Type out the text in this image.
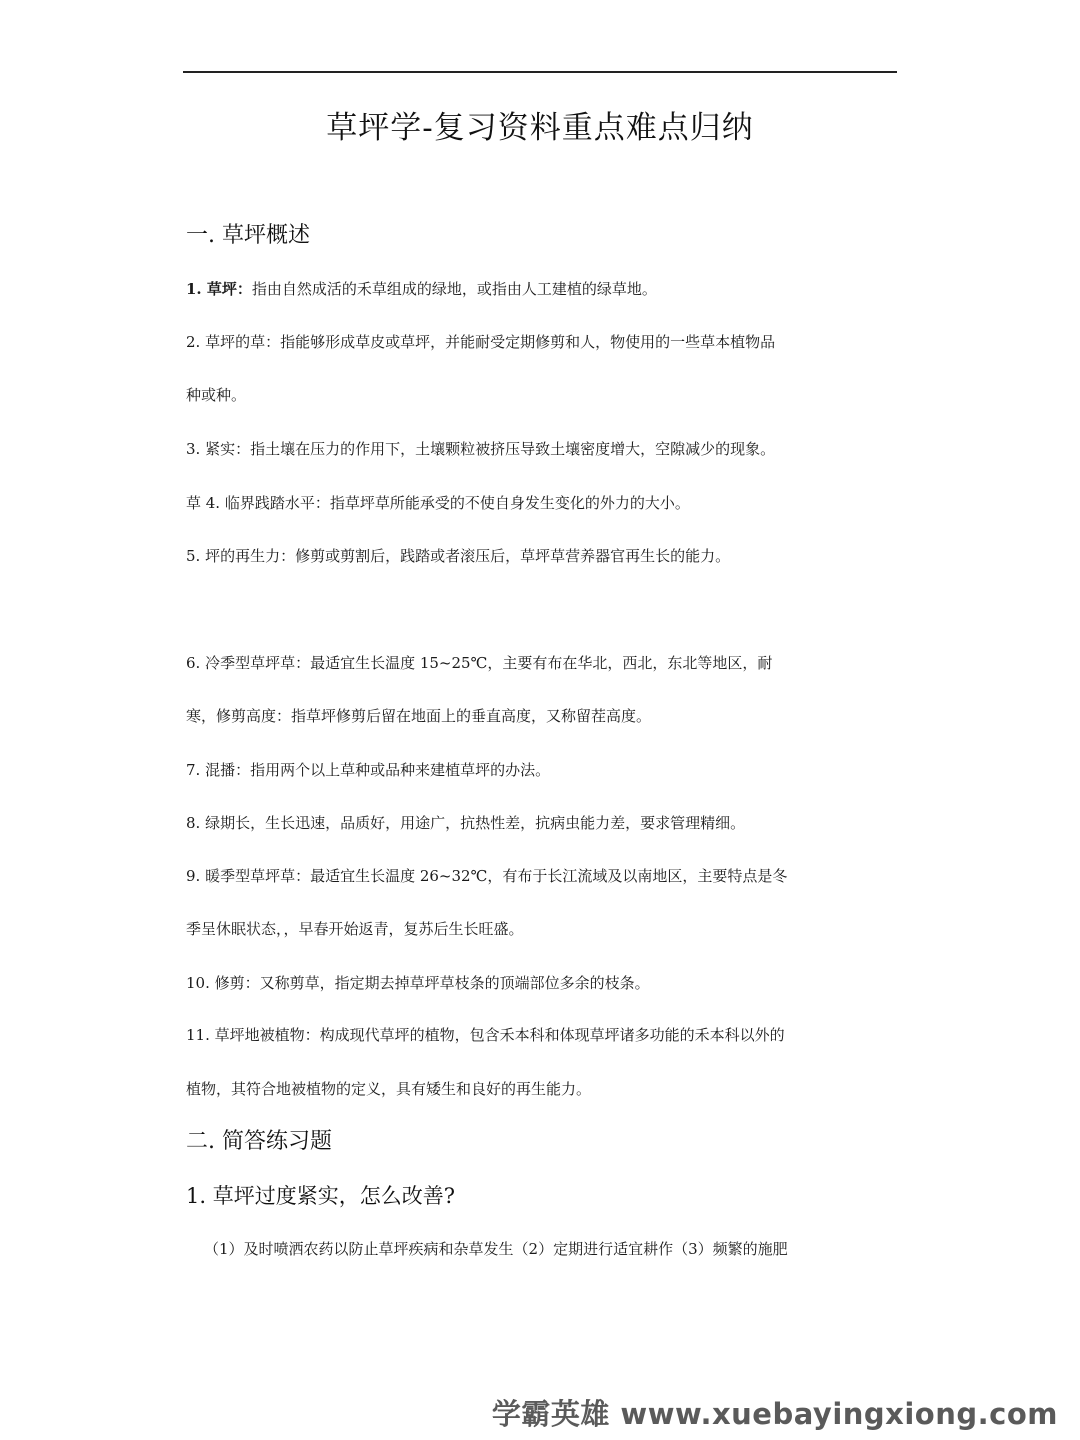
草坪学-复习资料重点难点归纳
一. 草坪概述
1. 草坪：指由自然成活的禾草组成的绿地，或指由人工建植的绿草地。
2. 草坪的草：指能够形成草皮或草坪，并能耐受定期修剪和人，物使用的一些草本植物品
种或种。
3. 紧实：指土壤在压力的作用下，土壤颗粒被挤压导致土壤密度增大，空隙减少的现象。
草 4. 临界践踏水平：指草坪草所能承受的不使自身发生变化的外力的大小。
5. 坪的再生力：修剪或剪割后，践踏或者滚压后，草坪草营养器官再生长的能力。
6. 冷季型草坪草：最适宜生长温度 15~25℃，主要有布在华北，西北，东北等地区，耐
寒，修剪高度：指草坪修剪后留在地面上的垂直高度，又称留茬高度。
7. 混播：指用两个以上草种或品种来建植草坪的办法。
8. 绿期长，生长迅速，品质好，用途广，抗热性差，抗病虫能力差，要求管理精细。
9. 暖季型草坪草：最适宜生长温度 26~32℃，有布于长江流域及以南地区，主要特点是冬
季呈休眠状态，，早春开始返青，复苏后生长旺盛。
10. 修剪：又称剪草，指定期去掉草坪草枝条的顶端部位多余的枝条。
11. 草坪地被植物：构成现代草坪的植物，包含禾本科和体现草坪诸多功能的禾本科以外的
植物，其符合地被植物的定义，具有矮生和良好的再生能力。
二. 简答练习题
1. 草坪过度紧实，怎么改善?
（1）及时喷洒农药以防止草坪疾病和杂草发生（2）定期进行适宜耕作（3）频繁的施肥
学霸英雄 www.xuebayingxiong.com
